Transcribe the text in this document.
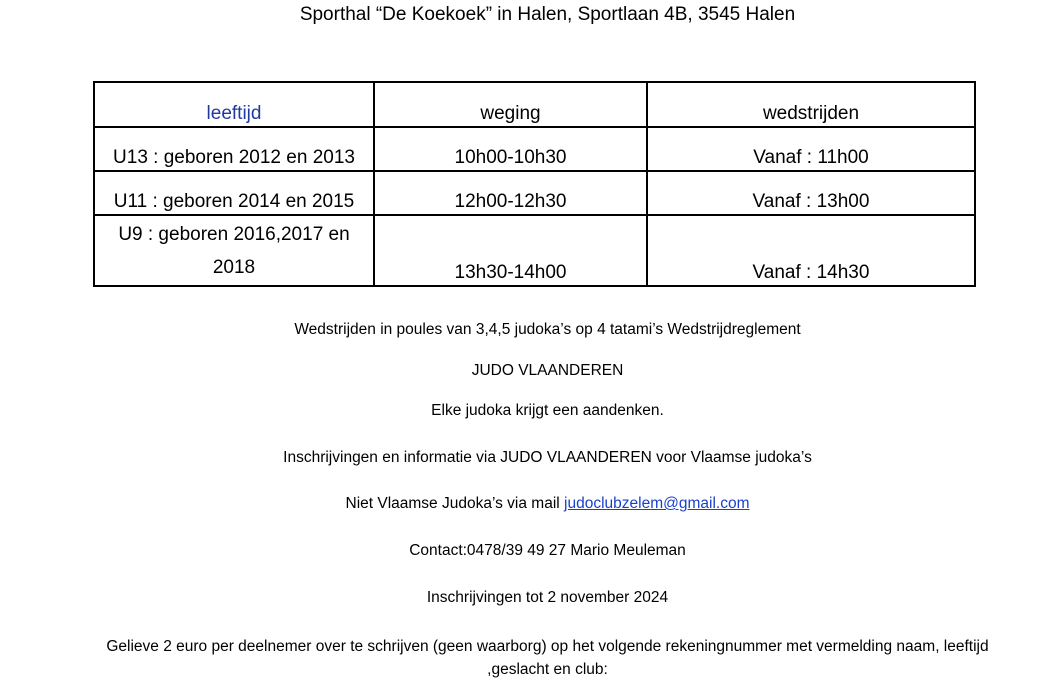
Sporthal “De Koekoek” in Halen, Sportlaan 4B, 3545 Halen
leeftijd	weging	wedstrijden
U13 : geboren 2012 en 2013	10h00-10h30	Vanaf : 11h00
U11 : geboren 2014 en 2015	12h00-12h30	Vanaf : 13h00

U9 : geboren 2016,2017 en
2018	13h30-14h00	Vanaf : 14h30
Wedstrijden in poules van 3,4,5 judoka’s op 4 tatami’s Wedstrijdreglement
JUDO VLAANDEREN
Elke judoka krijgt een aandenken.
Inschrijvingen en informatie via JUDO VLAANDEREN voor Vlaamse judoka’s
Niet Vlaamse Judoka’s via mail judoclubzelem@gmail.com
Contact:0478/39 49 27 Mario Meuleman
Inschrijvingen tot 2 november 2024
Gelieve 2 euro per deelnemer over te schrijven (geen waarborg) op het volgende rekeningnummer met vermelding naam, leeftijd
,geslacht en club:
